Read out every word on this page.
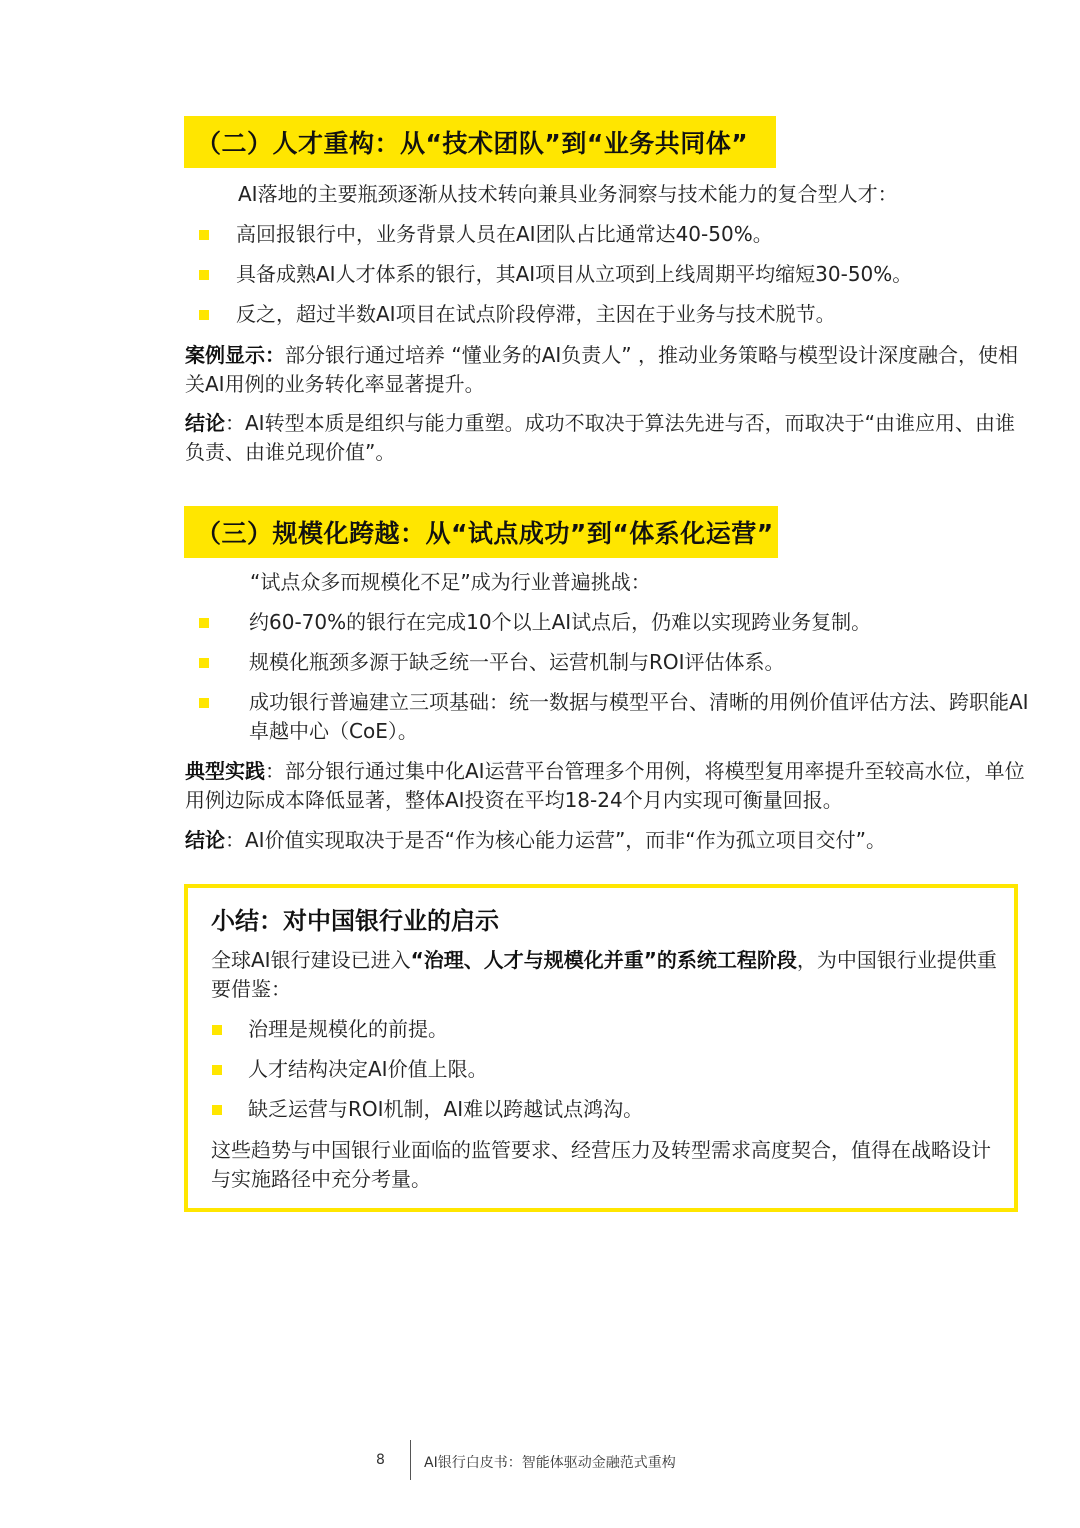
（二）人才重构：从“技术团队”到“业务共同体”
AI落地的主要瓶颈逐渐从技术转向兼具业务洞察与技术能力的复合型人才：
高回报银行中，业务背景人员在AI团队占比通常达40-50%。
具备成熟AI人才体系的银行，其AI项目从立项到上线周期平均缩短30-50%。
反之，超过半数AI项目在试点阶段停滞，主因在于业务与技术脱节。
案例显示：部分银行通过培养 “懂业务的AI负责人” ，推动业务策略与模型设计深度融合，使相关AI用例的业务转化率显著提升。
结论：AI转型本质是组织与能力重塑。成功不取决于算法先进与否，而取决于“由谁应用、由谁负责、由谁兑现价值”。
（三）规模化跨越：从“试点成功”到“体系化运营”
“试点众多而规模化不足”成为行业普遍挑战：
约60-70%的银行在完成10个以上AI试点后，仍难以实现跨业务复制。
规模化瓶颈多源于缺乏统一平台、运营机制与ROI评估体系。
成功银行普遍建立三项基础：统一数据与模型平台、清晰的用例价值评估方法、跨职能AI卓越中心（CoE）。
典型实践：部分银行通过集中化AI运营平台管理多个用例，将模型复用率提升至较高水位，单位用例边际成本降低显著，整体AI投资在平均18-24个月内实现可衡量回报。
结论：AI价值实现取决于是否“作为核心能力运营”，而非“作为孤立项目交付”。
小结：对中国银行业的启示
全球AI银行建设已进入“治理、人才与规模化并重”的系统工程阶段，为中国银行业提供重要借鉴：
治理是规模化的前提。
人才结构决定AI价值上限。
缺乏运营与ROI机制，AI难以跨越试点鸿沟。
这些趋势与中国银行业面临的监管要求、经营压力及转型需求高度契合，值得在战略设计与实施路径中充分考量。
8	AI银行白皮书：智能体驱动金融范式重构
